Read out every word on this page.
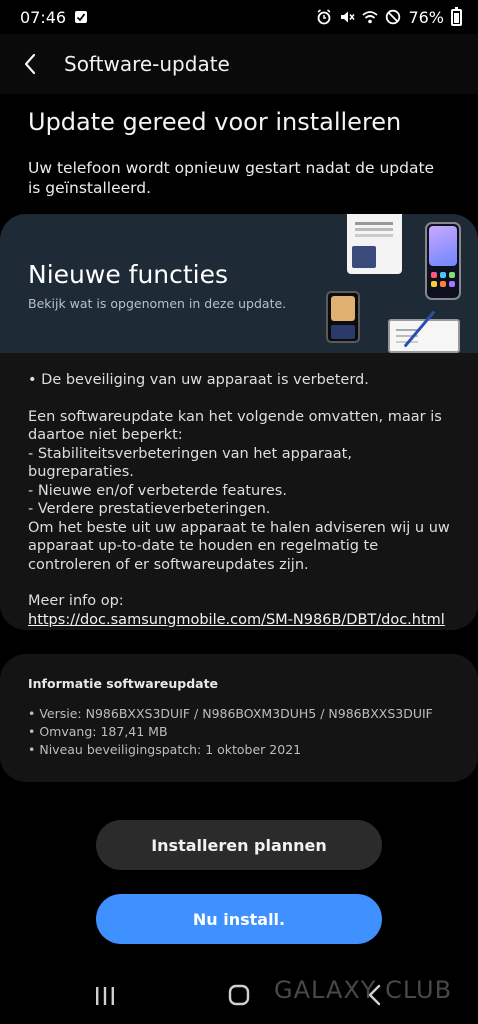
07:46	76%
Software-update
Update gereed voor installeren

Uw telefoon wordt opnieuw gestart nadat de update is geïnstalleerd.

Nieuwe functies
Bekijk wat is opgenomen in deze update.

• De beveiliging van uw apparaat is verbeterd.

Een softwareupdate kan het volgende omvatten, maar is daartoe niet beperkt:
- Stabiliteitsverbeteringen van het apparaat, bugreparaties.
- Nieuwe en/of verbeterde features.
- Verdere prestatieverbeteringen.
Om het beste uit uw apparaat te halen adviseren wij u uw apparaat up-to-date te houden en regelmatig te controleren of er softwareupdates zijn.

Meer info op:
https://doc.samsungmobile.com/SM-N986B/DBT/doc.html
Informatie softwareupdate
• Versie: N986BXXS3DUIF / N986BOXM3DUH5 / N986BXXS3DUIF
• Omvang: 187,41 MB
• Niveau beveiligingspatch: 1 oktober 2021
Installeren plannen
Nu install.
GALAXY CLUB
